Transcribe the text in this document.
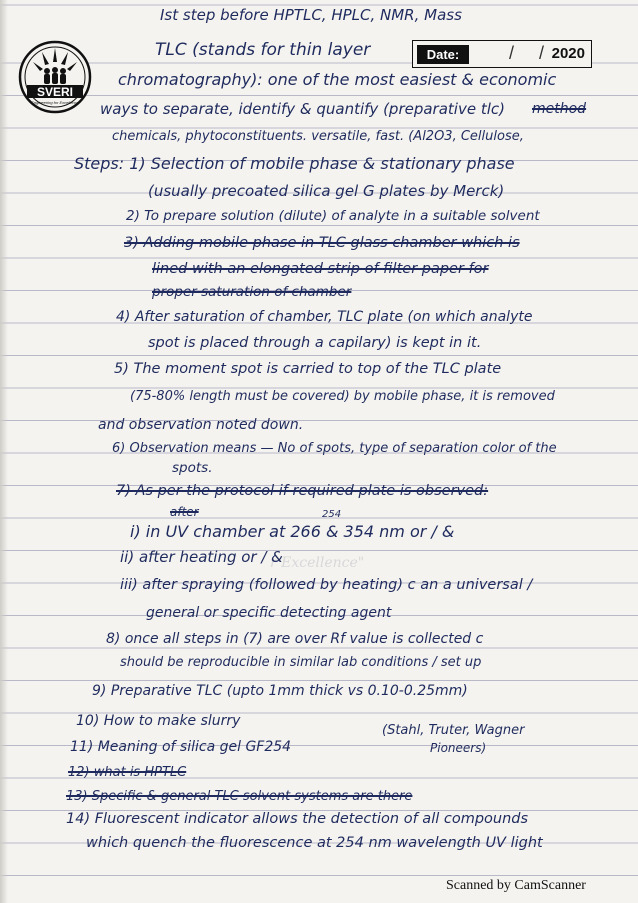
SVERI
Engineering for Excellence
Date:	/ / 2020
r Excellence"
Ist step before HPTLC, HPLC, NMR, Mass
TLC (stands for thin layer
chromatography): one of the most easiest & economic
ways to separate, identify & quantify (preparative tlc) method
chemicals, phytoconstituents. versatile, fast. (Al2O3, Cellulose,
Steps: 1) Selection of mobile phase & stationary phase
(usually precoated silica gel G plates by Merck)
2) To prepare solution (dilute) of analyte in a suitable solvent
3) Adding mobile phase in TLC glass chamber which is
lined with an elongated strip of filter paper for
proper saturation of chamber
4) After saturation of chamber, TLC plate (on which analyte
spot is placed through a capilary) is kept in it.
5) The moment spot is carried to top of the TLC plate
(75-80% length must be covered) by mobile phase, it is removed
and observation noted down.
6) Observation means — No of spots, type of separation color of the
spots.
7) As per the protocol if required plate is observed:
after	254
i) in UV chamber at 266 & 354 nm or / &
ii) after heating or / &
iii) after spraying (followed by heating) c an a universal /
general or specific detecting agent
8) once all steps in (7) are over Rf value is collected c
should be reproducible in similar lab conditions / set up
9) Preparative TLC (upto 1mm thick vs 0.10-0.25mm)
10) How to make slurry
(Stahl, Truter, Wagner
11) Meaning of silica gel GF254	Pioneers)
12) what is HPTLC
13) Specific & general TLC solvent systems are there
14) Fluorescent indicator allows the detection of all compounds
which quench the fluorescence at 254 nm wavelength UV light
Scanned by CamScanner
